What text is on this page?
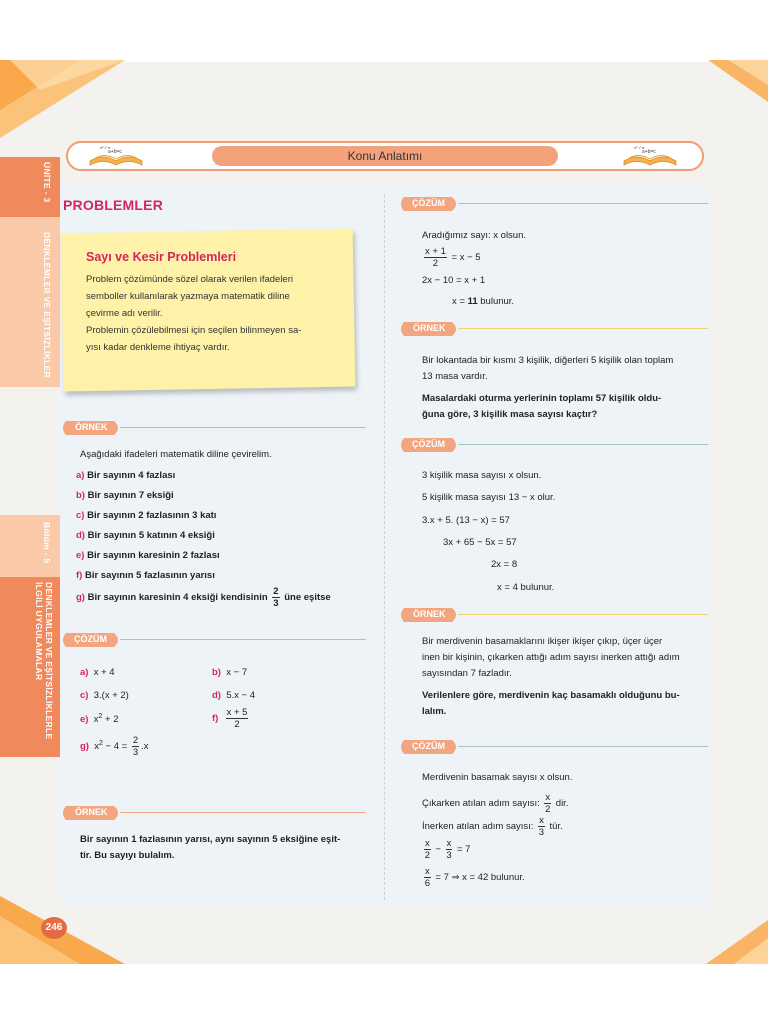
ÜNİTE - 3
DENKLEMLER VE EŞİTSİZLİKLER
Bölüm - 5
DENKLEMLER VE EŞİTSİZLİKLERLE
İLGİLİ UYGULAMALAR
a+b=c
x² √ π
Konu Anlatımı	a+b=c
x² √ π
PROBLEMLER
Sayı ve Kesir Problemleri
Problem çözümünde sözel olarak verilen ifadeleri
semboller kullanılarak yazmaya matematik diline
çevirme adı verilir.
Problemin çözülebilmesi için seçilen bilinmeyen sa-
yısı kadar denkleme ihtiyaç vardır.
ÖRNEK
Aşağıdaki ifadeleri matematik diline çevirelim.
a) Bir sayının 4 fazlası
b) Bir sayının 7 eksiği
c) Bir sayının 2 fazlasının 3 katı
d) Bir sayının 5 katının 4 eksiği
e) Bir sayının karesinin 2 fazlası
f) Bir sayının 5 fazlasının yarısı
g) Bir sayının karesinin 4 eksiği kendisinin $\frac{2}{3}$ üne eşitse
ÇÖZÜM
a) x + 4	b) x − 7
c) 3.(x + 2)	d) 5.x − 4
e) $x^2 + 2$	$f) \frac{x + 5}{2}$
g) $x^2 - 4 = \frac{2}{3} .x$
ÖRNEK
Bir sayının 1 fazlasının yarısı, aynı sayının 5 eksiğine eşit-
tir. Bu sayıyı bulalım.
ÇÖZÜM
Aradığımız sayı: x olsun.
$\frac{x + 1}{2} = x - 5$
2x − 10 = x + 1
x = 11 bulunur.
ÖRNEK
Bir lokantada bir kısmı 3 kişilik, diğerleri 5 kişilik olan toplam
13 masa vardır.
Masalardaki oturma yerlerinin toplamı 57 kişilik oldu-
ğuna göre, 3 kişilik masa sayısı kaçtır?
ÇÖZÜM
3 kişilik masa sayısı x olsun.
5 kişilik masa sayısı 13 − x olur.
3.x + 5. (13 − x) = 57
3x + 65 − 5x = 57
2x = 8
x = 4 bulunur.
ÖRNEK
Bir merdivenin basamaklarını ikişer ikişer çıkıp, üçer üçer
inen bir kişinin, çıkarken attığı adım sayısı inerken attığı adım
sayısından 7 fazladır.
Verilenlere göre, merdivenin kaç basamaklı olduğunu bu-
lalım.
ÇÖZÜM
Merdivenin basamak sayısı x olsun.
Çıkarken atılan adım sayısı: $\frac{x}{2}$ dir.
İnerken atılan adım sayısı: $\frac{x}{3}$ tür.
$\frac{x}{2} - \frac{x}{3} = 7$
$\frac{x}{6} = 7$ ⇒ x = 42 bulunur.
246
